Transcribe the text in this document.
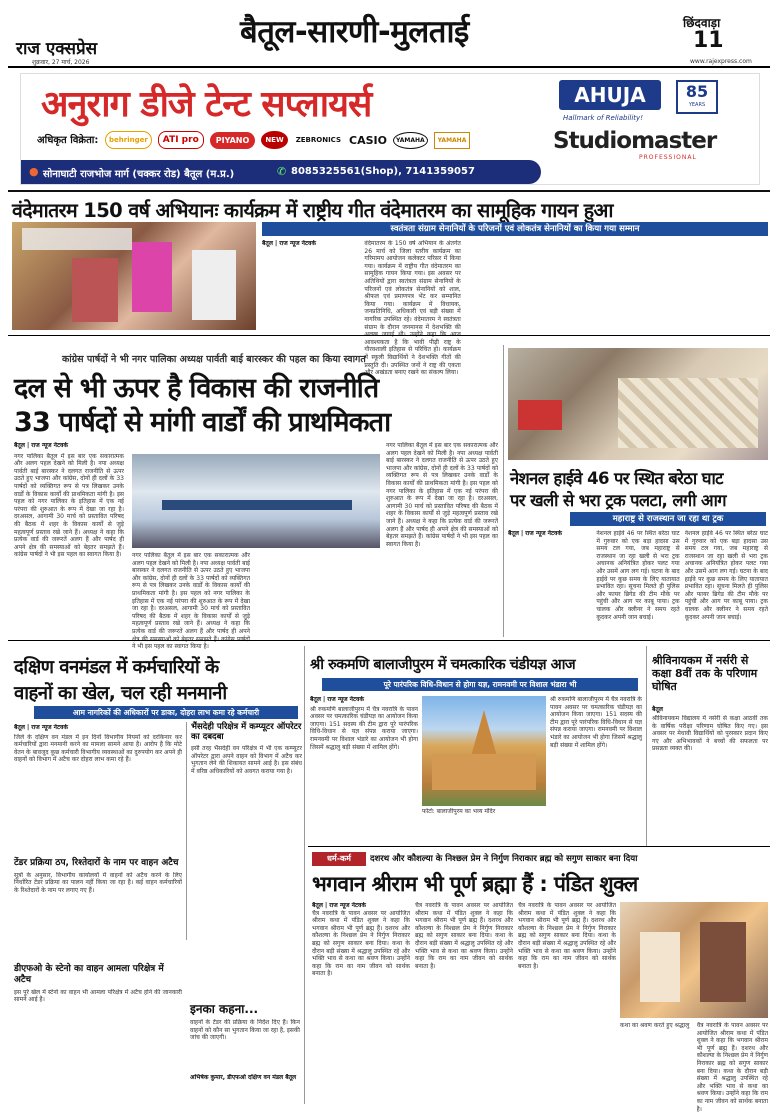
राज एक्सप्रेस
शुक्रवार, 27 मार्च, 2026
बैतूल-सारणी-मुलताई	छिंदवाड़ा
11
www.rajexpress.com
अनुराग डीजे टेन्ट सप्लायर्स
अधिकृत विक्रेता:	behringer	ATI pro	PIYANO	NEW	ZEBRONICS CASIO	YAMAHA	YAMAHA
AHUJA	85
YEARS
Hallmark of Reliability!
Studiomaster
PROFESSIONAL
● सोनाघाटी राजभोज मार्ग (चक्कर रोड) बैतूल (म.प्र.)	✆ 8085325561(Shop), 7141359057
वंदेमातरम 150 वर्ष अभियानः कार्यक्रम में राष्ट्रीय गीत वंदेमातरम का सामूहिक गायन हुआ
स्वतंत्रता संग्राम सेनानियों के परिजनों एवं लोकतंत्र सेनानियों का किया गया सम्मान
बैतूल | राज न्यूज नेटवर्क	वंदेमातरम के 150 वर्ष अभियान के अंतर्गत 26 मार्च को जिला स्तरीय कार्यक्रम का गरिमामय आयोजन कलेक्टर परिसर में किया गया। कार्यक्रम में राष्ट्रीय गीत वंदेमातरम का सामूहिक गायन किया गया। इस अवसर पर अतिथियों द्वारा स्वतंत्रता संग्राम सेनानियों के परिजनों एवं लोकतंत्र सेनानियों को शाल, श्रीफल एवं प्रमाणपत्र भेंट कर सम्मानित किया गया। कार्यक्रम में विधायक, जनप्रतिनिधि, अधिकारी एवं बड़ी संख्या में नागरिक उपस्थित रहे। वंदेमातरम ने स्वतंत्रता संग्राम के दौरान जनमानस में देशभक्ति की आवश्यकता है कि भावी पीढ़ी राष्ट्र के गौरवशाली इतिहास से परिचित हो। कार्यक्रम में स्कूली विद्यार्थियों ने देशभक्ति गीतों की प्रस्तुति दी। उपस्थित जनों ने राष्ट्र की एकता और अखंडता बनाए रखने का संकल्प लिया।
कांग्रेस पार्षदों ने भी नगर पालिका अध्यक्ष पार्वती बाई बारस्कर की पहल का किया स्वागत
दल से भी ऊपर है विकास की राजनीति
33 पार्षदों से मांगी वार्डों की प्राथमिकता
बैतूल | राज न्यूज नेटवर्क
नगर पालिका बैतूल में इस बार एक सकारात्मक और अलग पहल देखने को मिली है। नपा अध्यक्ष पार्वती बाई बारस्कर ने दलगत राजनीति से ऊपर उठते हुए भाजपा और कांग्रेस, दोनों ही दलों के 33 पार्षदों को व्यक्तिगत रूप से पत्र लिखकर उनके वार्डों के विकास कार्यों की प्राथमिकता मांगी है। इस पहल को नगर पालिका के इतिहास में एक नई परंपरा की शुरुआत के रूप में देखा जा रहा है। दरअसल, आगामी 30 मार्च को प्रस्तावित परिषद की बैठक में शहर के विकास कार्यों से जुड़े महत्वपूर्ण प्रस्ताव रखे जाने हैं। अध्यक्ष ने कहा कि प्रत्येक वार्ड की जरूरतें अलग हैं और पार्षद ही अपने क्षेत्र की समस्याओं को बेहतर समझते हैं। कांग्रेस पार्षदों ने भी इस पहल का स्वागत किया है।	नगर पालिका बैतूल में इस बार एक सकारात्मक और अलग पहल देखने को मिली है। नपा अध्यक्ष पार्वती बाई बारस्कर ने दलगत राजनीति से ऊपर उठते हुए भाजपा और कांग्रेस, दोनों ही दलों के 33 पार्षदों को व्यक्तिगत रूप से पत्र लिखकर उनके वार्डों के विकास कार्यों की प्राथमिकता मांगी है। इस पहल को नगर पालिका के इतिहास में एक नई परंपरा की शुरुआत के रूप में देखा जा रहा है। दरअसल, आगामी 30 मार्च को प्रस्तावित परिषद की बैठक में शहर के विकास कार्यों से जुड़े महत्वपूर्ण प्रस्ताव रखे जाने हैं। अध्यक्ष ने कहा कि प्रत्येक वार्ड की जरूरतें अलग हैं और पार्षद ही अपने ने भी इस पहल का स्वागत किया है।
नगर पालिका बैतूल में इस बार एक सकारात्मक और अलग पहल देखने को मिली है। नपा अध्यक्ष पार्वती बाई बारस्कर ने दलगत राजनीति से ऊपर उठते हुए भाजपा और कांग्रेस, दोनों ही दलों के 33 पार्षदों को व्यक्तिगत रूप से पत्र लिखकर उनके वार्डों के विकास कार्यों की प्राथमिकता मांगी है। इस पहल को नगर पालिका के इतिहास में एक नई परंपरा की शुरुआत के रूप में देखा जा रहा है। दरअसल, आगामी 30 मार्च को प्रस्तावित परिषद की बैठक में शहर के विकास कार्यों से जुड़े महत्वपूर्ण प्रस्ताव रखे जाने हैं। अध्यक्ष ने कहा कि प्रत्येक वार्ड की जरूरतें अलग हैं और पार्षद ही अपने क्षेत्र की समस्याओं को बेहतर समझते हैं। कांग्रेस पार्षदों ने भी इस पहल का स्वागत किया है।
नेशनल हाईवे 46 पर स्थित बरेठा घाट
पर खली से भरा ट्रक पलटा, लगी आग
महाराष्ट्र से राजस्थान जा रहा था ट्रक
बैतूल | राज न्यूज नेटवर्क	नेशनल हाईवे 46 पर स्थित बरेठा घाट में गुरुवार को एक बड़ा हादसा उस समय टल गया, जब महाराष्ट्र से राजस्थान जा रहा खली से भरा ट्रक अचानक अनियंत्रित होकर पलट गया और उसमें आग लग गई। घटना के बाद हाईवे पर कुछ समय के लिए यातायात प्रभावित रहा। सूचना मिलते ही पुलिस और फायर ब्रिगेड की टीम मौके पर पहुंची और आग पर काबू पाया। ट्रक चालक और क्लीनर ने समय रहते कूदकर अपनी जान बचाई।
नेशनल हाईवे 46 पर स्थित बरेठा घाट में गुरुवार को एक बड़ा हादसा उस समय टल गया, जब महाराष्ट्र से राजस्थान जा रहा खली से भरा ट्रक अचानक अनियंत्रित होकर पलट गया और उसमें आग लग गई। घटना के बाद हाईवे पर कुछ समय के लिए यातायात प्रभावित रहा। सूचना मिलते ही पुलिस और फायर ब्रिगेड की टीम मौके पर पहुंची और आग पर काबू पाया। ट्रक चालक और क्लीनर ने समय रहते कूदकर अपनी जान बचाई।
दक्षिण वनमंडल में कर्मचारियों के
वाहनों का खेल, चल रही मनमानी
आम नागरिकों की अधिकारों पर डाका, दोहरा लाभ कमा रहे कर्मचारी
बैतूल | राज न्यूज नेटवर्क
जिले के दक्षिण वन मंडल में इन दिनों विभागीय नियमों को दरकिनार कर कर्मचारियों द्वारा मनमानी करने का मामला सामने आया है। आरोप है कि मोटे वेतन के बावजूद कुछ कर्मचारी विभागीय व्यवस्थाओं का दुरुपयोग कर अपने ही वाहनों को विभाग में अटैच कर दोहरा लाभ कमा रहे हैं।
टेंडर प्रक्रिया ठप, रिश्तेदारों के नाम पर वाहन अटैच
सूत्रों के अनुसार, विभागीय कार्यालयों में वाहनों को अटैच करने के लिए निर्धारित टेंडर प्रक्रिया का पालन नहीं किया जा रहा है। कई वाहन कर्मचारियों के रिश्तेदारों के नाम पर लगाए गए हैं।
डीएफओ के स्टेनो का वाहन आमला परिक्षेत्र में अटैच
इस पूरे खेल में स्टेनो का वाहन भी आमला परिक्षेत्र में अटैच होने की जानकारी सामने आई है।
भैंसदेही परिक्षेत्र में कम्प्यूटर ऑपरेटर का दबदबा
इसी तरह भैंसदेही वन परिक्षेत्र में भी एक कम्प्यूटर ऑपरेटर द्वारा अपने वाहन को विभाग में अटैच कर भुगतान लेने की शिकायत सामने आई है। इस संबंध में वरिष्ठ अधिकारियों को अवगत कराया गया है।
इनका कहना...
वाहनों के टेंडर की प्रक्रिया के निर्देश दिए हैं। किन वाहनों को कौन सा भुगतान किया जा रहा है, इसकी जांच की जाएगी।
अभिषेक कुमार, डीएफओ दक्षिण वन मंडल बैतूल
श्री रुकमणि बालाजीपुरम में चमत्कारिक चंडीयज्ञ आज
पूरे पारंपरिक विधि-विधान से होगा यज्ञ, रामनवमी पर विशाल भंडारा भी
बैतूल | राज न्यूज नेटवर्क
श्री रुकमणि बालाजीपुरम में चैत्र नवरात्रि के पावन अवसर पर चमत्कारिक चंडीयज्ञ का आयोजन किया जाएगा। 151 सदस्य की टीम द्वारा पूरे पारंपरिक विधि-विधान से यज्ञ संपन्न कराया जाएगा। रामनवमी पर विशाल भंडारे का आयोजन भी होगा जिसमें श्रद्धालु बड़ी संख्या में शामिल होंगे।
फोटो: बालाजीपुरम का भव्य मंदिर
श्री रुकमणि बालाजीपुरम में चैत्र नवरात्रि के पावन अवसर पर चमत्कारिक चंडीयज्ञ का आयोजन किया जाएगा। 151 सदस्य की टीम द्वारा पूरे पारंपरिक विधि-विधान से यज्ञ संपन्न कराया जाएगा। रामनवमी पर विशाल भंडारे का आयोजन भी होगा जिसमें श्रद्धालु बड़ी संख्या में शामिल होंगे।
श्रीविनायकम में नर्सरी से कक्षा 8वीं तक के परिणाम घोषित
बैतूल
श्रीविनायकम विद्यालय में नर्सरी से कक्षा आठवीं तक के वार्षिक परीक्षा परिणाम घोषित किए गए। इस अवसर पर मेधावी विद्यार्थियों को पुरस्कार प्रदान किए गए और अभिभावकों ने बच्चों की सफलता पर प्रसन्नता व्यक्त की।
धर्म-कर्म	दशरथ और कौशल्या के निश्छल प्रेम ने निर्गुण निराकार ब्रह्म को सगुण साकार बना दिया
भगवान श्रीराम भी पूर्ण ब्रह्मा हैं : पंडित शुक्ल
बैतूल | राज न्यूज नेटवर्क
चैत्र नवरात्रि के पावन अवसर पर आयोजित श्रीराम कथा में पंडित शुक्ल ने कहा कि भगवान श्रीराम भी पूर्ण ब्रह्म हैं। दशरथ और कौशल्या के निश्छल प्रेम ने निर्गुण निराकार ब्रह्म को सगुण साकार बना दिया। कथा के दौरान बड़ी संख्या में श्रद्धालु उपस्थित रहे और भक्ति भाव से कथा का श्रवण किया। उन्होंने कहा कि राम का नाम जीवन को सार्थक बनाता है।
चैत्र नवरात्रि के पावन अवसर पर आयोजित श्रीराम कथा में पंडित शुक्ल ने कहा कि भगवान श्रीराम भी पूर्ण ब्रह्म हैं। दशरथ और कौशल्या के निश्छल प्रेम ने निर्गुण निराकार ब्रह्म को सगुण साकार बना दिया। कथा के दौरान बड़ी संख्या में श्रद्धालु उपस्थित रहे और भक्ति भाव से कथा का श्रवण किया। उन्होंने कहा कि राम का नाम जीवन को सार्थक बनाता है।
चैत्र नवरात्रि के पावन अवसर पर आयोजित श्रीराम कथा में पंडित शुक्ल ने कहा कि भगवान श्रीराम भी पूर्ण ब्रह्म हैं। दशरथ और कौशल्या के निश्छल प्रेम ने निर्गुण निराकार ब्रह्म को सगुण साकार बना दिया। कथा के दौरान बड़ी संख्या में श्रद्धालु उपस्थित रहे और भक्ति भाव से कथा का श्रवण किया। उन्होंने कहा कि राम का नाम जीवन को सार्थक बनाता है।
कथा का श्रवण करते हुए श्रद्धालु	चैत्र नवरात्रि के पावन अवसर पर आयोजित श्रीराम कथा में पंडित शुक्ल ने कहा कि भगवान श्रीराम भी पूर्ण ब्रह्म हैं। दशरथ और कौशल्या के निश्छल प्रेम ने निर्गुण निराकार ब्रह्म को सगुण साकार बना दिया। कथा के दौरान बड़ी संख्या में श्रद्धालु उपस्थित रहे और भक्ति भाव से कथा का श्रवण किया। उन्होंने कहा कि राम का नाम जीवन को सार्थक बनाता है।
